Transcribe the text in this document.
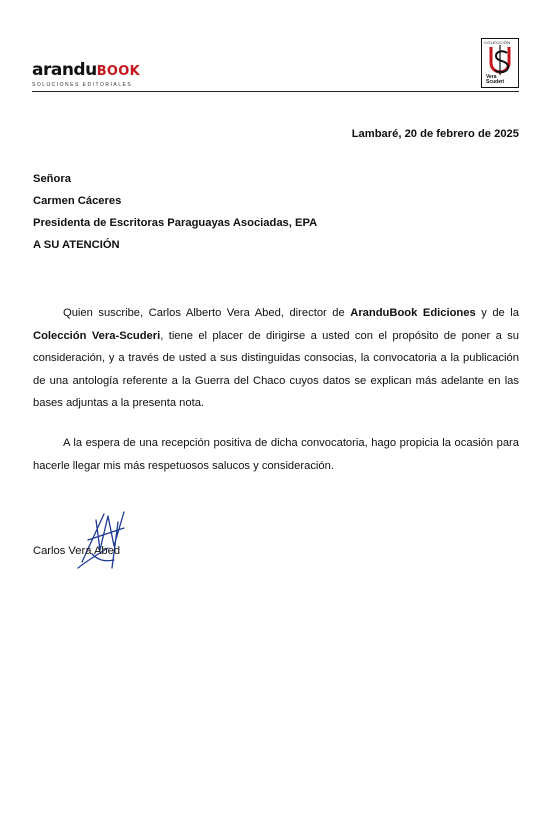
aranduBOOK
SOLUCIONES EDITORIALES
COLECCIÓN
Vera
Scuderi
Lambaré, 20 de febrero de 2025
Señora
Carmen Cáceres
Presidenta de Escritoras Paraguayas Asociadas, EPA
A SU ATENCIÓN
Quien suscribe, Carlos Alberto Vera Abed, director de AranduBook Ediciones y de la Colección Vera-Scuderi, tiene el placer de dirigirse a usted con el propósito de poner a su consideración, y a través de usted a sus distinguidas consocias, la convocatoria a la publicación de una antología referente a la Guerra del Chaco cuyos datos se explican más adelante en las bases adjuntas a la presenta nota.
A la espera de una recepción positiva de dicha convocatoria, hago propicia la ocasión para hacerle llegar mis más respetuosos salucos y consideración.
Carlos Vera Abed
